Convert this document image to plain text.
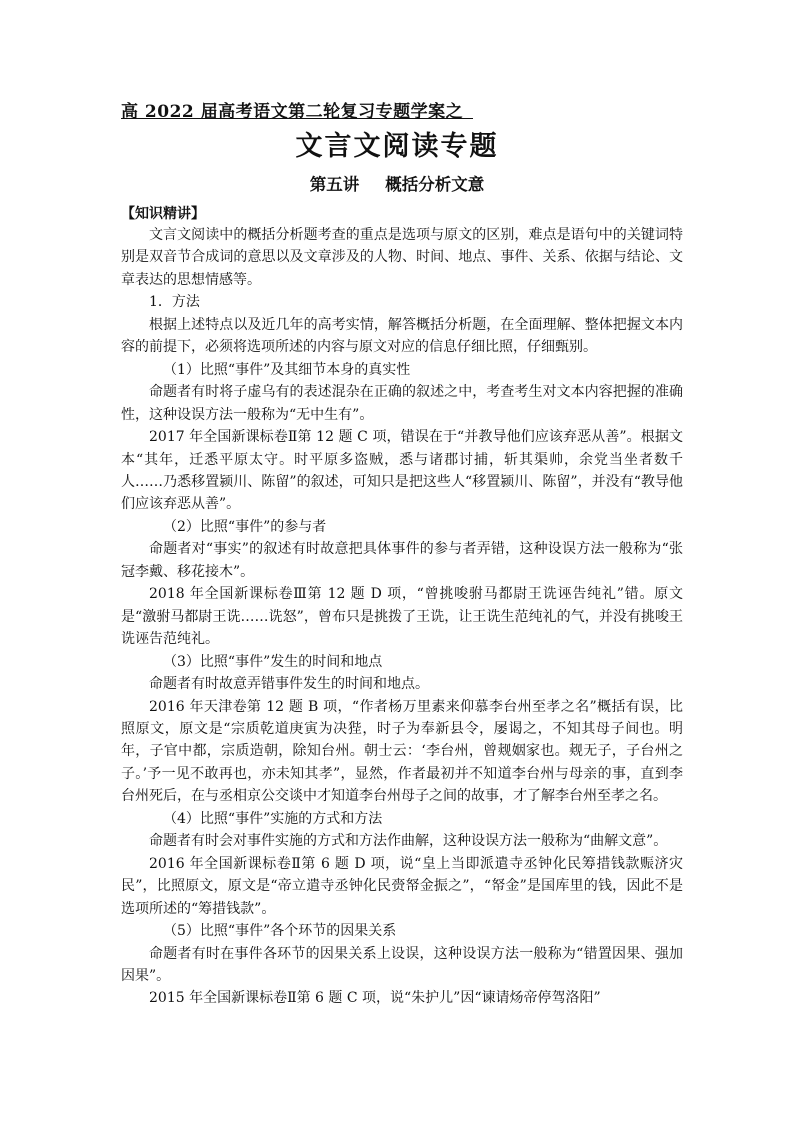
高 2022 届高考语文第二轮复习专题学案之
文言文阅读专题
第五讲 概括分析文意
【知识精讲】

文言文阅读中的概括分析题考查的重点是选项与原文的区别，难点是语句中的关键词特别是双音节合成词的意思以及文章涉及的人物、时间、地点、事件、关系、依据与结论、文章表达的思想情感等。

1．方法

根据上述特点以及近几年的高考实情，解答概括分析题，在全面理解、整体把握文本内容的前提下，必须将选项所述的内容与原文对应的信息仔细比照，仔细甄别。

（1）比照“事件”及其细节本身的真实性

命题者有时将子虚乌有的表述混杂在正确的叙述之中，考查考生对文本内容把握的准确性，这种设误方法一般称为“无中生有”。

2017 年全国新课标卷Ⅱ第 12 题 C 项，错误在于“并教导他们应该弃恶从善”。根据文本“其年，迁悉平原太守。时平原多盗贼，悉与诸郡讨捕，斩其渠帅，余党当坐者数千人……乃悉移置颍川、陈留”的叙述，可知只是把这些人“移置颍川、陈留”，并没有“教导他们应该弃恶从善”。

（2）比照“事件”的参与者

命题者对“事实”的叙述有时故意把具体事件的参与者弄错，这种设误方法一般称为“张冠李戴、移花接木”。

2018 年全国新课标卷Ⅲ第 12 题 D 项，“曾挑唆驸马都尉王诜诬告纯礼”错。原文是“激驸马都尉王诜……诜怒”，曾布只是挑拨了王诜，让王诜生范纯礼的气，并没有挑唆王诜诬告范纯礼。

（3）比照“事件”发生的时间和地点

命题者有时故意弄错事件发生的时间和地点。

2016 年天津卷第 12 题 B 项，“作者杨万里素来仰慕李台州至孝之名”概括有误，比照原文，原文是“宗质乾道庚寅为决狴，时子为奉新县令，屡谒之，不知其母子间也。明年，子官中都，宗质造朝，除知台州。朝士云：‘李台州，曾觌姻家也。觌无子，子台州之子。’予一见不敢再也，亦未知其孝”，显然，作者最初并不知道李台州与母亲的事，直到李台州死后，在与丞相京公交谈中才知道李台州母子之间的故事，才了解李台州至孝之名。

（4）比照“事件”实施的方式和方法

命题者有时会对事件实施的方式和方法作曲解，这种设误方法一般称为“曲解文意”。

2016 年全国新课标卷Ⅱ第 6 题 D 项，说“皇上当即派遣寺丞钟化民筹措钱款赈济灾民”，比照原文，原文是“帝立遣寺丞钟化民赍帑金振之”，“帑金”是国库里的钱，因此不是选项所述的“筹措钱款”。

（5）比照“事件”各个环节的因果关系

命题者有时在事件各环节的因果关系上设误，这种设误方法一般称为“错置因果、强加因果”。

2015 年全国新课标卷Ⅱ第 6 题 C 项，说“朱护儿”因“谏请炀帝停驾洛阳”
